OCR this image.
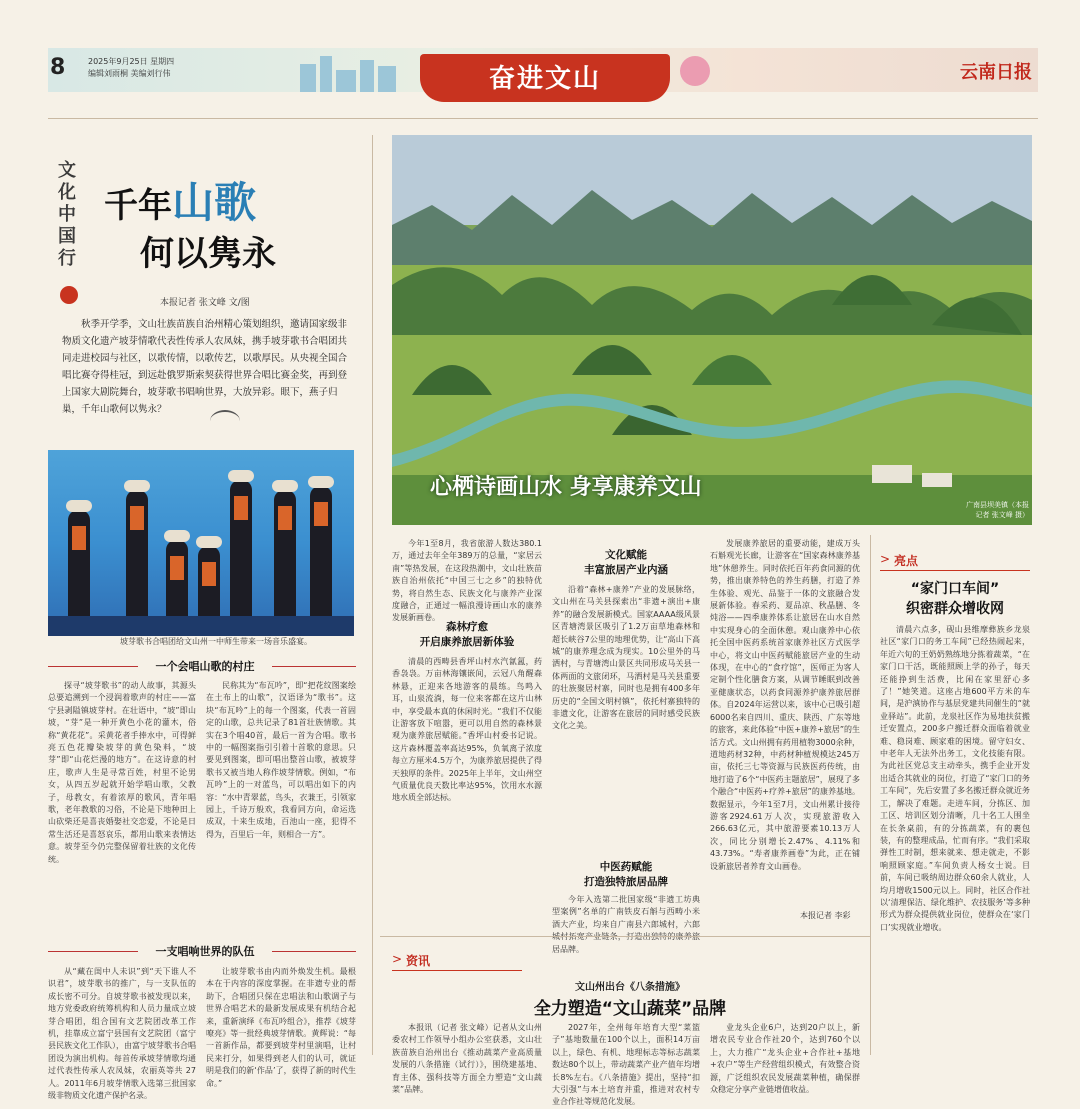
8	2025年9月25日 星期四
编辑刘雨桐 美编刘行伟	奋进文山	云南日报
文化中国行
千年山歌
何以隽永
本报记者 张文峰 文/图
秋季开学季，文山壮族苗族自治州精心策划组织，邀请国家级非物质文化遗产坡芽情歌代表性传承人农凤妹，携手坡芽歌书合唱团共同走进校园与社区，以歌传情，以歌传艺，以歌厚民。从央视全国合唱比赛夺得桂冠，到远赴俄罗斯索契获得世界合唱比赛金奖，再到登上国家大剧院舞台，坡芽歌书唱响世界，大放异彩。眼下，燕子归巢，千年山歌何以隽永？
坡芽歌书合唱团给文山州一中师生带来一场音乐盛宴。
一个会唱山歌的村庄
探寻“坡芽歌书”的动人故事，其源头总要追溯到一个浸润着歌声的村庄——富宁县剥隘镇坡芽村。在壮语中，“坡”即山坡，“芽”是一种开黄色小花的灌木，俗称“黄花花”。采黄花者手捧水中，可得鲜亮五色花瓣染坡芽的黄色染料，“坡芽”即“山花烂漫的地方”。在这诗意的村庄，歌声人生是寻常百姓，村里不论男女，从四五岁起就开始学唱山歌，父教子，母教女，有着浓厚的歌风，青年唱歌，老年教歌的习俗，不论是下地种田上山砍柴还是喜丧婚娶社交恋爱，不论是日常生活还是喜怒哀乐，都用山歌来表情达意。坡芽至今仍完整保留着壮族的文化传统。
民称其为“布瓦吟”，即“把花纹图案绘在土布上的山歌”，汉语译为“歌书”。这块“布瓦吟”上的每一个图案，代表一首固定的山歌，总共记录了81首壮族情歌。其实在3个唱40首，最后一首为合唱。歌书中的一幅图案指引引着十首歌的意思。只要见到图案，即可唱出整首山歌，被坡芽歌书又被当地人称作坡芽情歌。例如，“布瓦吟”上的一对蓝鸟，可以唱出如下的内容：“水中青翠蓝，鸟头，衣兼王，引领家园上，千诗万般欢，我看同方向，命运选成双，十来生成地，百池山一座，犯得不得为，百里后一年，则相合一方”。
一支唱响世界的队伍
从“藏在闺中人未识”到“天下谁人不识君”，坡芽歌书的推广，与一支队伍的成长密不可分。自坡芽歌书被发现以来，地方党委政府统筹机构和人员力量成立坡芽合唱团，组合国有文艺院团改革工作机，挂靠成立富宁县国有文艺院团（富宁县民族文化工作队），由富宁坡芽歌书合唱团设为演出机构。每首传承坡芽情歌均通过代表性传承人农凤妹，农丽英等共 27人。2011年6月坡芽情歌入选第三批国家级非物质文化遗产保护名录。
让坡芽歌书由内而外焕发生机。最根本在于内容的深度掌握。在非遗专业的帮助下，合唱团只保在忠唱法和山歌调子与世界合唱艺术的最新发展成果有机结合起来，重新演绎《布瓦吟组合》，推荐《坡芽嘹亮》等一批经典坡芽情歌。黄辉说：“每一首新作品，都要到坡芽村里演唱，让村民来打分，如果得到老人们的认可，就证明是我们的新‘作品’了，获得了新的时代生命。”
心栖诗画山水 身享康养文山
广南县坝美镇（本报记者 张文峰 摄）
今年1至8月，我省旅游人数达380.1万，通过去年全年389万的总量，“家居云南”等热发展，在这段热潮中，文山壮族苗族自治州依托“中国三七之乡”的独特优势，将自然生态、民族文化与康养产业深度融合，正通过一幅浪漫诗画山水的康养发展新画卷。
森林疗愈
开启康养旅居新体验
清晨的西畴县香坪山村水汽氤氲，药香袅袅。万亩林海镶嵌间，云冠八角醒森林悬，正迎来各地游客的晨练。鸟鸣入耳，山泉流淌，每一位来客都在这片山林中，享受最本真的休闲时光。“我们不仅能让游客放下喧嚣，更可以用自然的森林景观为康养旅居赋能。”香坪山村委书记说。这片森林覆盖率高达95%，负氧离子浓度每立方厘米4.5万个，为康养旅居提供了得天独厚的条件。2025年上半年，文山州空气质量优良天数比率达95%，饮用水水源地水质全部达标。
文化赋能
丰富旅居产业内涵
沿着“森林+康养”产业的发展脉络，文山州在马关县探索出“非遗+演出+康养”的融合发展新模式。国家AAAA级风景区青塘湾景区吸引了1.2万亩草地森林和超长峡谷7公里的地理优势，让“高山下高城”的康养理念成为现实。10公里外的马洒村，与青塘湾山景区共同形成马关县一体两面的文旅闭环，马洒村是马关县重要的壮族聚居村寨，同时也是拥有400多年历史的“全国文明村镇”，依托村寨独特的非遗文化，让游客在旅居的同时感受民族文化之美。
中医药赋能
打造独特旅居品牌
今年入选第二批国家级“非遗工坊典型案例”名单的广南铁皮石斛与西畴小米酒大产业，均来自广南县六郎城村，六郎城村拓宽产业链条，打造出独特的康养旅居品牌。
发展康养旅居的重要动能，建成万头石斛观光长廊，让游客在“国家森林康养基地”休憩养生。同时依托百年药食同源的优势，推出康养特色的养生药膳，打造了养生体验、观光、品鉴于一体的文旅融合发展新体验。春采药、夏品凉、秋晶膳、冬炖浴——四季康养体系让旅居在山水自然中实现身心的全面休憩。观山康养中心依托全国中医药系统首家康养社区方式医学中心，将文山中医药赋能旅居产业的生动体现，在中心的“食疗馆”，医师正为客人定制个性化膳食方案，从调节睡眠到改善亚健康状态，以药食同源养护康养旅居群体。自2024年运营以来，该中心已吸引超6000名来自四川、重庆、陕西、广东等地的旅客，来此体验“中医+康养+旅居”的生活方式。文山州拥有药用植物3000余种，道地药材32种，中药材种植规模达245万亩，依托三七等资源与民族医药传统，由地打造了6个“中医药主题旅居”，展现了多个融合“中医药+疗养+旅居”的康养基地。数据显示，今年1至7月，文山州累计接待游客2924.61万人次，实现旅游收入266.63亿元，其中旅游要素10.13万人次，同比分别增长2.47%、4.11%和43.73%。“寿者康养画卷”为此，正在铺设新旅居者养育文山画卷。
本报记者 李彩
> 亮点
“家门口车间”
织密群众增收网
清晨六点多，砚山县维摩彝族乡龙泉社区“家门口的务工车间”已经热闹起来，年近六旬的王奶奶熟练地分拣着蔬菜，“在家门口干活，既能照顾上学的孙子，每天还能挣到生活费，比闲在家里舒心多了！”她笑道。这座占地600平方米的车间，是沪滇协作与基层党建共同催生的“就业驿站”。此前，龙泉社区作为易地扶贫搬迁安置点，200多户搬迁群众面临着就业难、稳岗难、顾家难的困境。留守妇女、中老年人无法外出务工，文化技能有限。为此社区党总支主动牵头，携手企业开发出适合其就业的岗位，打造了“家门口的务工车间”，先后安置了多名搬迁群众就近务工，解决了难题。走进车间，分拣区、加工区、培训区划分清晰，几十名工人围坐在长条桌前，有的分拣蔬菜，有的裹包装，有的整理成品，忙而有序。“我们采取弹性工时制，想来就来、想走就走，不影响照顾家庭。”车间负责人杨女士说。目前，车间已吸纳周边群众60余人就业，人均月增收1500元以上。同时，社区合作社以‘清理保洁、绿化维护、农技服务’等多种形式为群众提供就业岗位，使群众在‘家门口’实现就业增收。
> 资讯
文山州出台《八条措施》
全力塑造“文山蔬菜”品牌
本报讯（记者 张文峰）记者从文山州委农村工作领导小组办公室获悉，文山壮族苗族自治州出台《推动蔬菜产业高质量发展的八条措施（试行）》，围绕建基地、育主体、强科技等方面全力塑造“文山蔬菜”品牌。
2027年，全州每年培育大型“菜篮子”基地数量在100个以上，面积14万亩以上，绿色、有机、地理标志等标志蔬菜数达80个以上，带动蔬菜产业产值年均增长8%左右。《八条措施》提出，坚持“扣大引强”与本土培育并重，推进对农村专业合作社等规范化发展。
业龙头企业6户，达到20户以上，新增农民专业合作社20个，达到760个以上，大力推广“龙头企业+合作社+基地+农户”等生产经营组织模式，有效整合资源，广泛组织农民发展蔬菜种植，确保群众稳定分享产业链增值收益。
